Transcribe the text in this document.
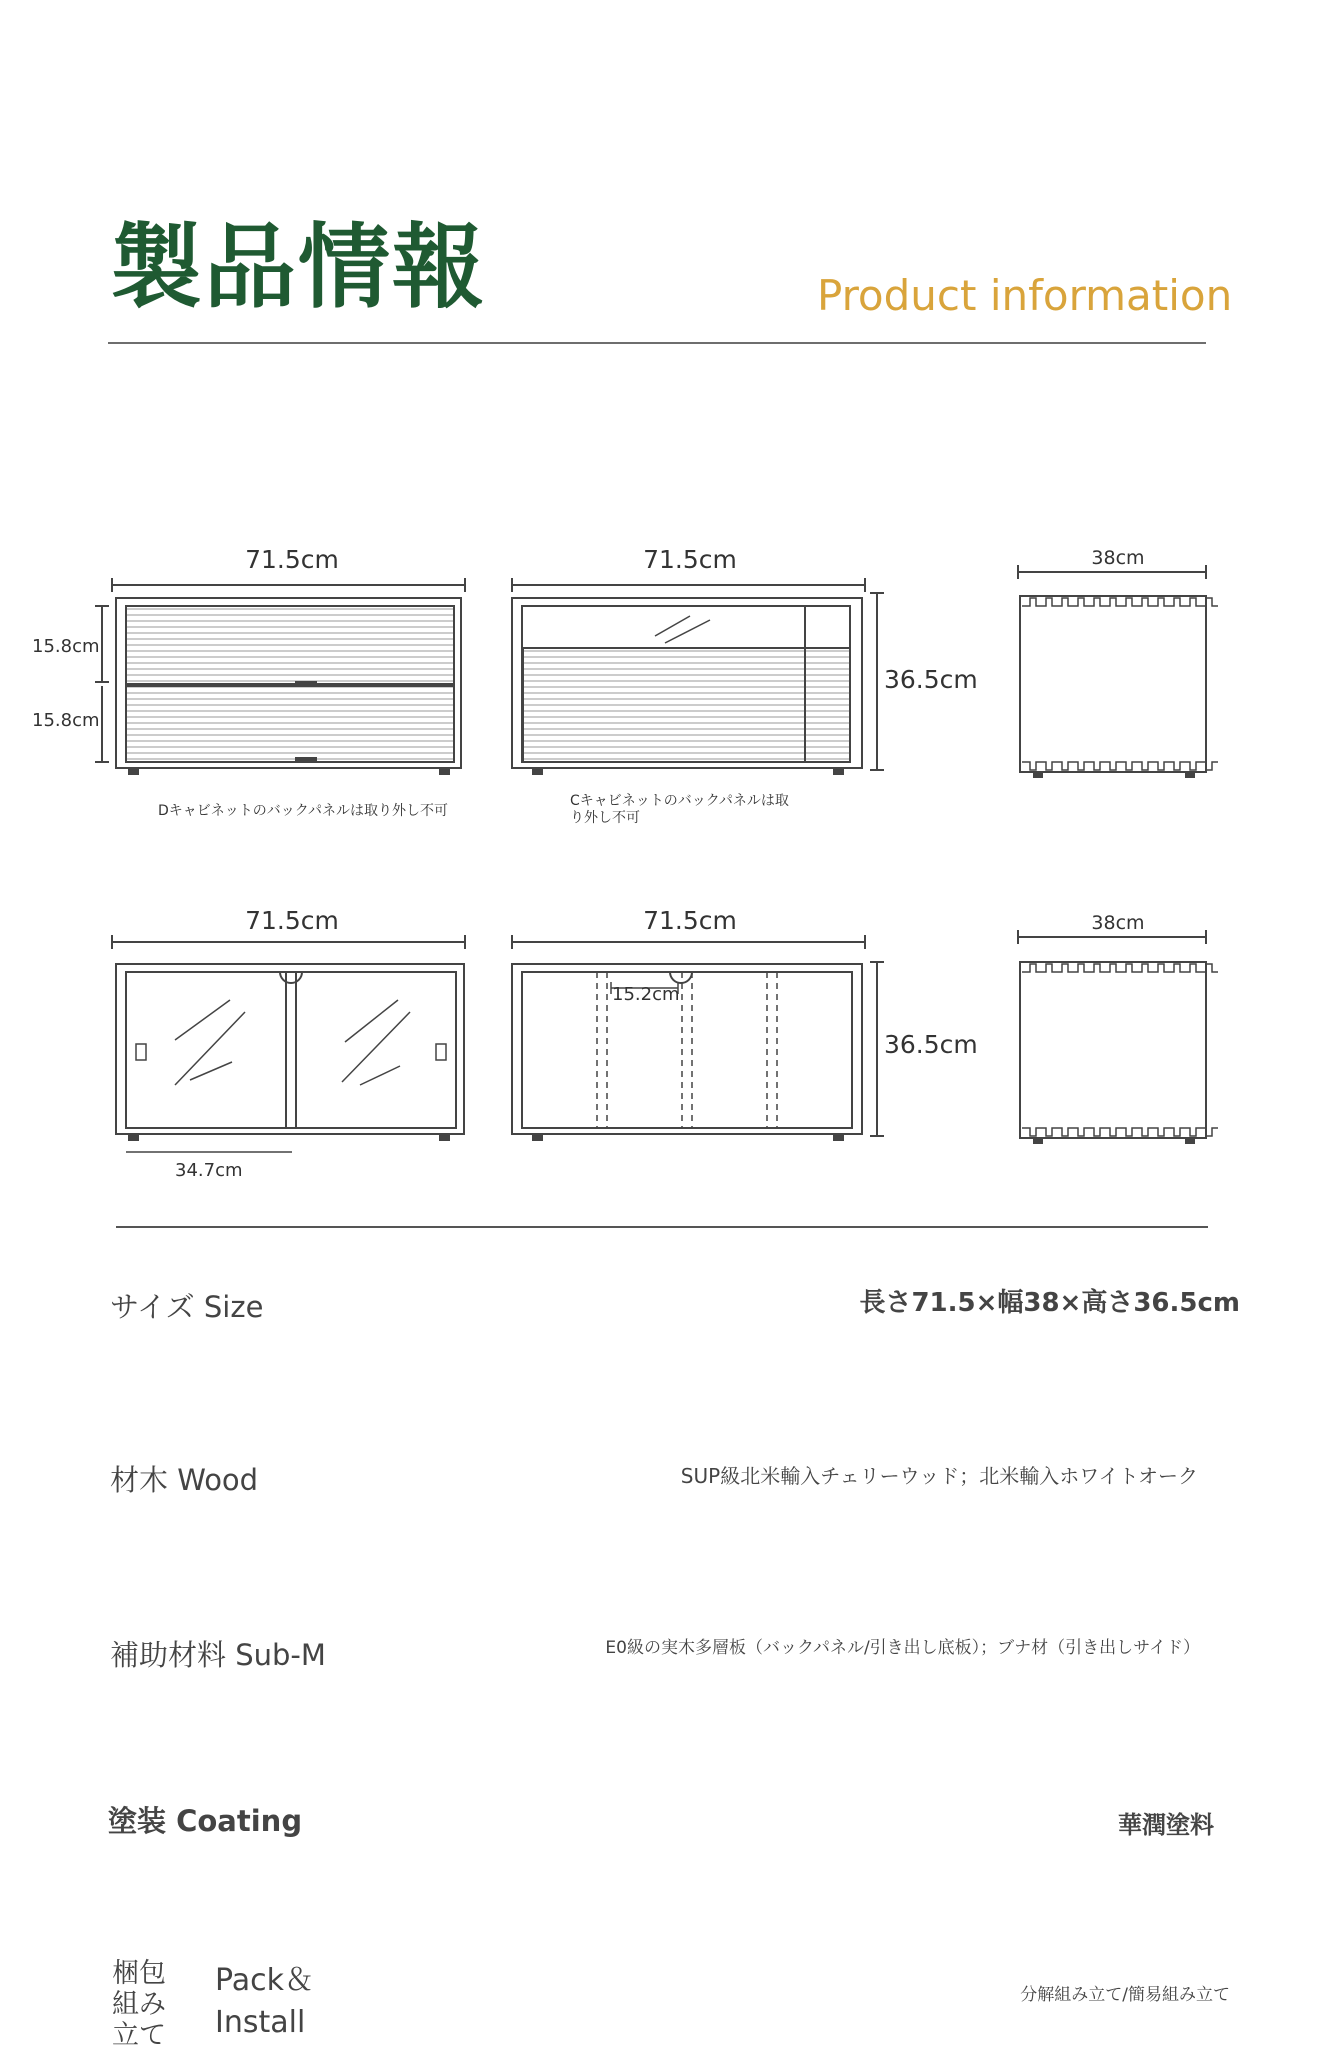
製品情報	Product information
71.5cm	71.5cm	38cm
15.8cm
15.8cm
36.5cm
Dキャビネットのバックパネルは取り外し不可
Cキャビネットのバックパネルは取
り外し不可
71.5cm	71.5cm	38cm
34.7cm
15.2cm
36.5cm
サイズ Size	長さ71.5×幅38×高さ36.5cm
材木 Wood	SUP級北米輸入チェリーウッド；北米輸入ホワイトオーク
補助材料 Sub-M	E0級の実木多層板（バックパネル/引き出し底板）；ブナ材（引き出しサイド）
塗装 Coating	華潤塗料
梱包
組み
立て
Pack＆
Install
分解組み立て/簡易組み立て
